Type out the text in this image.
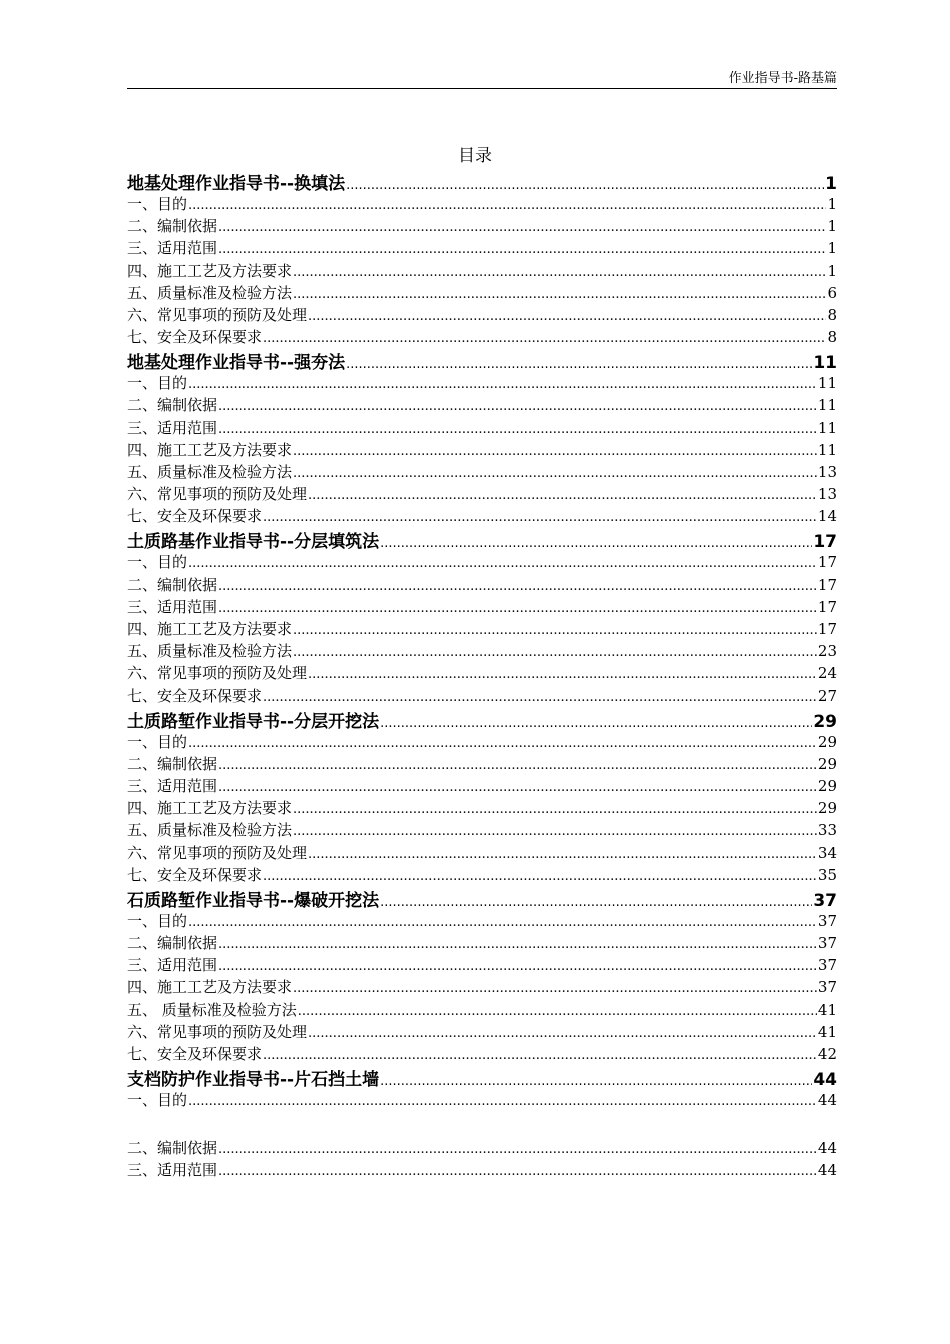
作业指导书-路基篇
目录
地基处理作业指导书--换填法 .....	1
一、目的 .....	1
二、编制依据 .....	1
三、适用范围 .....	1
四、施工工艺及方法要求 .....	1
五、质量标准及检验方法 .....	6
六、常见事项的预防及处理 .....	8
七、安全及环保要求 .....	8
地基处理作业指导书--强夯法 .....	11
一、目的 .....	11
二、编制依据 .....	11
三、适用范围 .....	11
四、施工工艺及方法要求 .....	11
五、质量标准及检验方法 .....	13
六、常见事项的预防及处理 .....	13
七、安全及环保要求 .....	14
土质路基作业指导书--分层填筑法 .....	17
一、目的 .....	17
二、编制依据 .....	17
三、适用范围 .....	17
四、施工工艺及方法要求 .....	17
五、质量标准及检验方法 .....	23
六、常见事项的预防及处理 .....	24
七、安全及环保要求 .....	27
土质路堑作业指导书--分层开挖法 .....	29
一、目的 .....	29
二、编制依据 .....	29
三、适用范围 .....	29
四、施工工艺及方法要求 .....	29
五、质量标准及检验方法 .....	33
六、常见事项的预防及处理 .....	34
七、安全及环保要求 .....	35
石质路堑作业指导书--爆破开挖法 .....	37
一、目的 .....	37
二、编制依据 .....	37
三、适用范围 .....	37
四、施工工艺及方法要求 .....	37
五、 质量标准及检验方法 .....	41
六、常见事项的预防及处理 .....	41
七、安全及环保要求 .....	42
支档防护作业指导书--片石挡土墙 .....	44
一、目的 .....	44
二、编制依据 .....	44
三、适用范围 .....	44
